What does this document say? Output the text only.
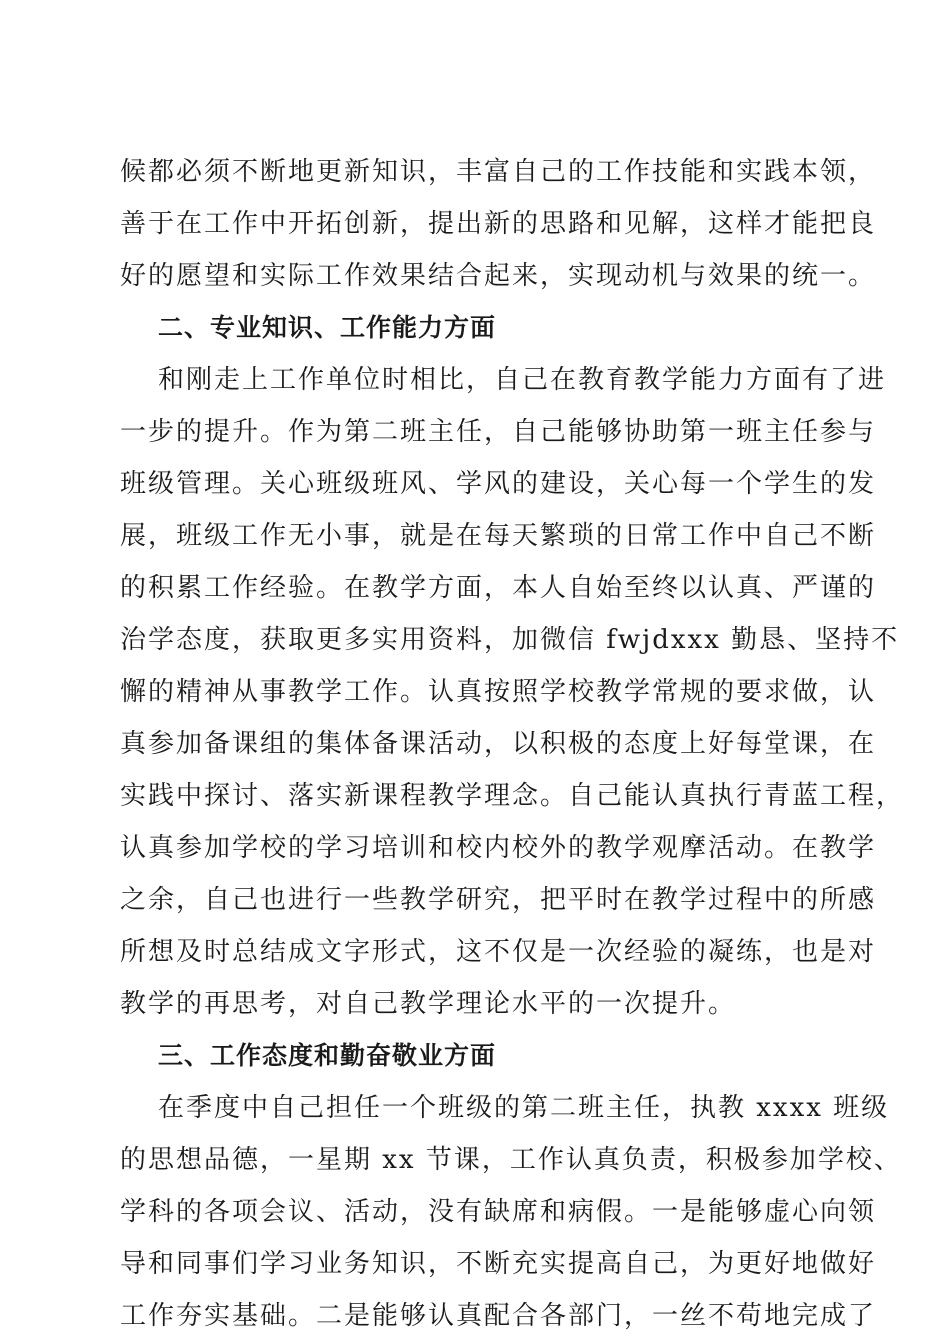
候都必须不断地更新知识，丰富自己的工作技能和实践本领，
善于在工作中开拓创新，提出新的思路和见解，这样才能把良
好的愿望和实际工作效果结合起来，实现动机与效果的统一。
二、专业知识、工作能力方面
和刚走上工作单位时相比，自己在教育教学能力方面有了进
一步的提升。作为第二班主任，自己能够协助第一班主任参与
班级管理。关心班级班风、学风的建设，关心每一个学生的发
展，班级工作无小事，就是在每天繁琐的日常工作中自己不断
的积累工作经验。在教学方面，本人自始至终以认真、严谨的
治学态度，获取更多实用资料，加微信 fwjdxxx 勤恳、坚持不
懈的精神从事教学工作。认真按照学校教学常规的要求做，认
真参加备课组的集体备课活动，以积极的态度上好每堂课，在
实践中探讨、落实新课程教学理念。自己能认真执行青蓝工程，
认真参加学校的学习培训和校内校外的教学观摩活动。在教学
之余，自己也进行一些教学研究，把平时在教学过程中的所感
所想及时总结成文字形式，这不仅是一次经验的凝练，也是对
教学的再思考，对自己教学理论水平的一次提升。
三、工作态度和勤奋敬业方面
在季度中自己担任一个班级的第二班主任，执教 xxxx 班级
的思想品德，一星期 xx 节课，工作认真负责，积极参加学校、
学科的各项会议、活动，没有缺席和病假。一是能够虚心向领
导和同事们学习业务知识，不断充实提高自己，为更好地做好
工作夯实基础。二是能够认真配合各部门，一丝不苟地完成了
